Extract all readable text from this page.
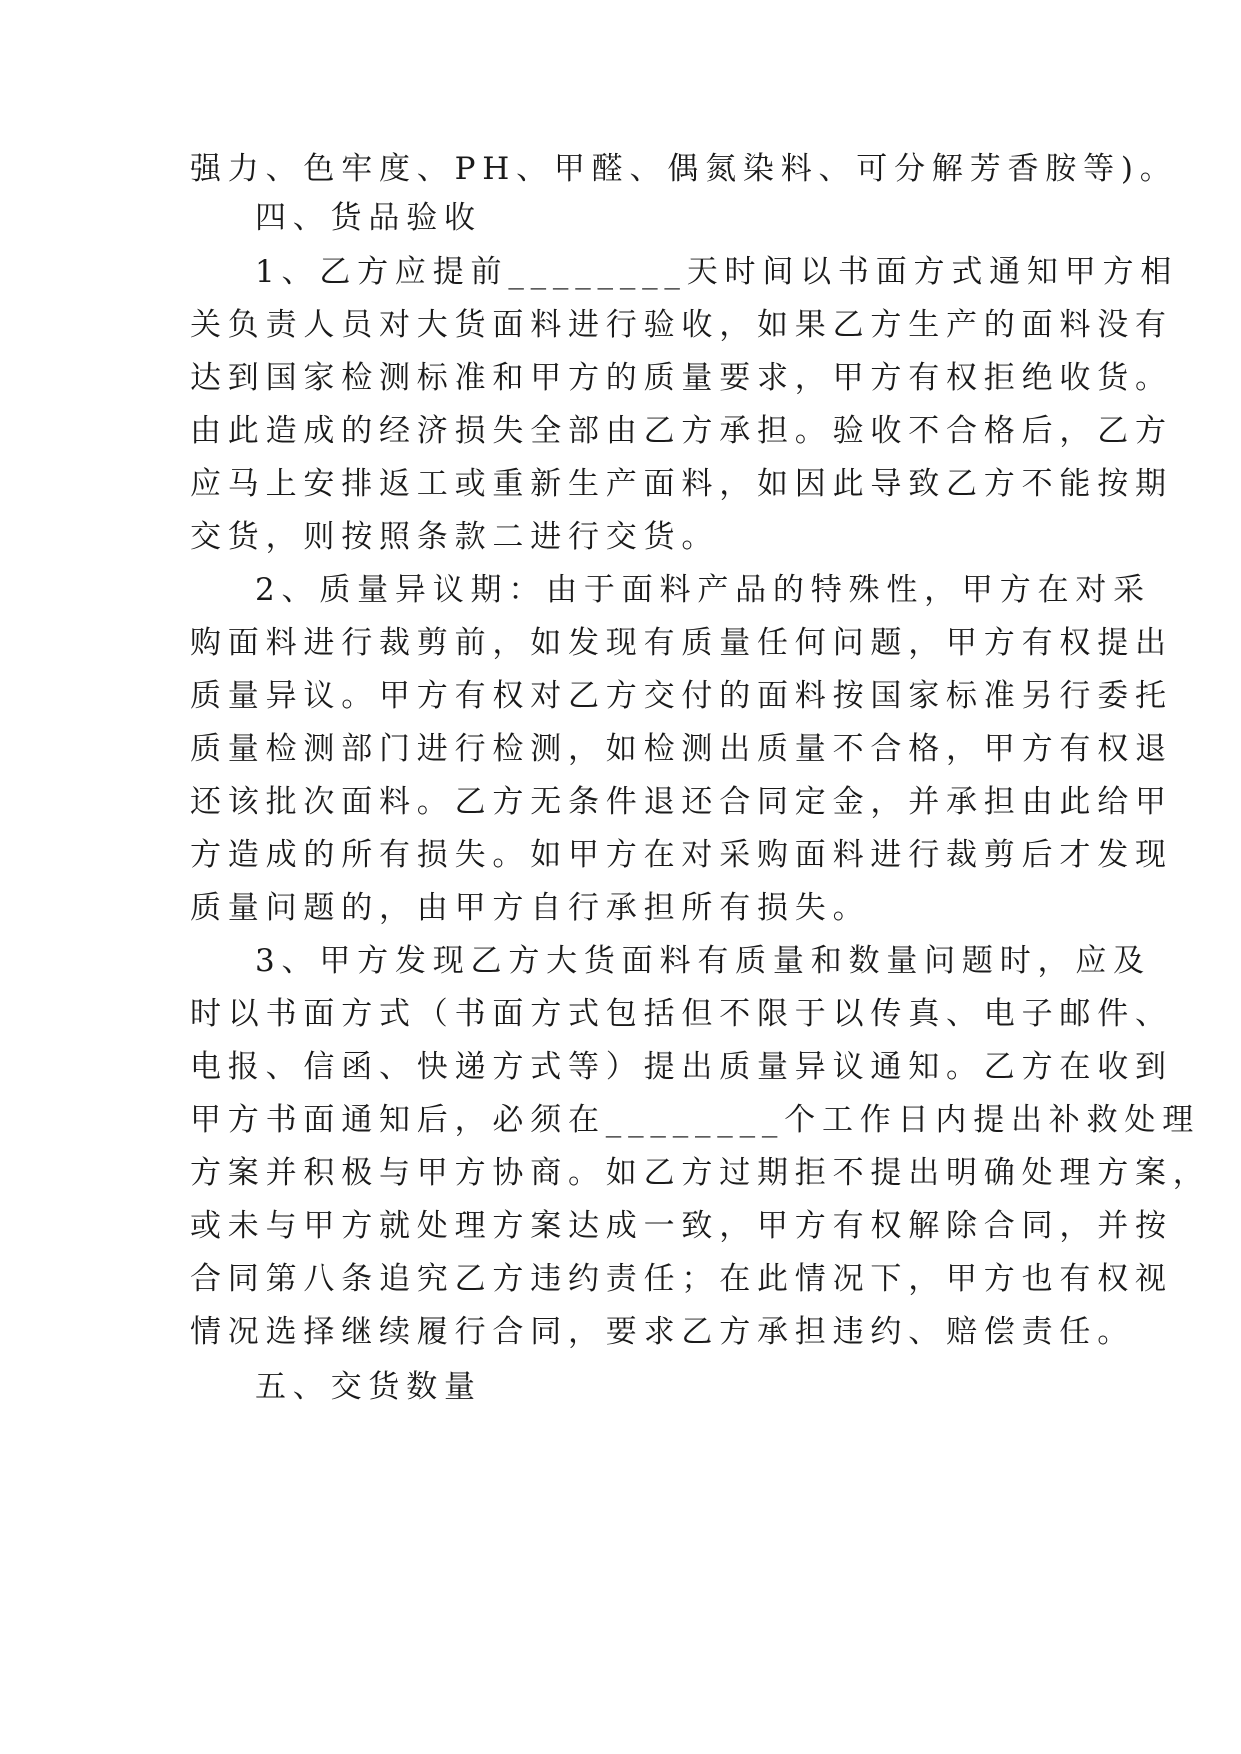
强力、色牢度、PH、甲醛、偶氮染料、可分解芳香胺等)。
四、货品验收
1、乙方应提前________天时间以书面方式通知甲方相
关负责人员对大货面料进行验收，如果乙方生产的面料没有
达到国家检测标准和甲方的质量要求，甲方有权拒绝收货。
由此造成的经济损失全部由乙方承担。验收不合格后，乙方
应马上安排返工或重新生产面料，如因此导致乙方不能按期
交货，则按照条款二进行交货。
2、质量异议期：由于面料产品的特殊性，甲方在对采
购面料进行裁剪前，如发现有质量任何问题，甲方有权提出
质量异议。甲方有权对乙方交付的面料按国家标准另行委托
质量检测部门进行检测，如检测出质量不合格，甲方有权退
还该批次面料。乙方无条件退还合同定金，并承担由此给甲
方造成的所有损失。如甲方在对采购面料进行裁剪后才发现
质量问题的，由甲方自行承担所有损失。
3、甲方发现乙方大货面料有质量和数量问题时，应及
时以书面方式（书面方式包括但不限于以传真、电子邮件、
电报、信函、快递方式等）提出质量异议通知。乙方在收到
甲方书面通知后，必须在________个工作日内提出补救处理
方案并积极与甲方协商。如乙方过期拒不提出明确处理方案，
或未与甲方就处理方案达成一致，甲方有权解除合同，并按
合同第八条追究乙方违约责任；在此情况下，甲方也有权视
情况选择继续履行合同，要求乙方承担违约、赔偿责任。
五、交货数量
